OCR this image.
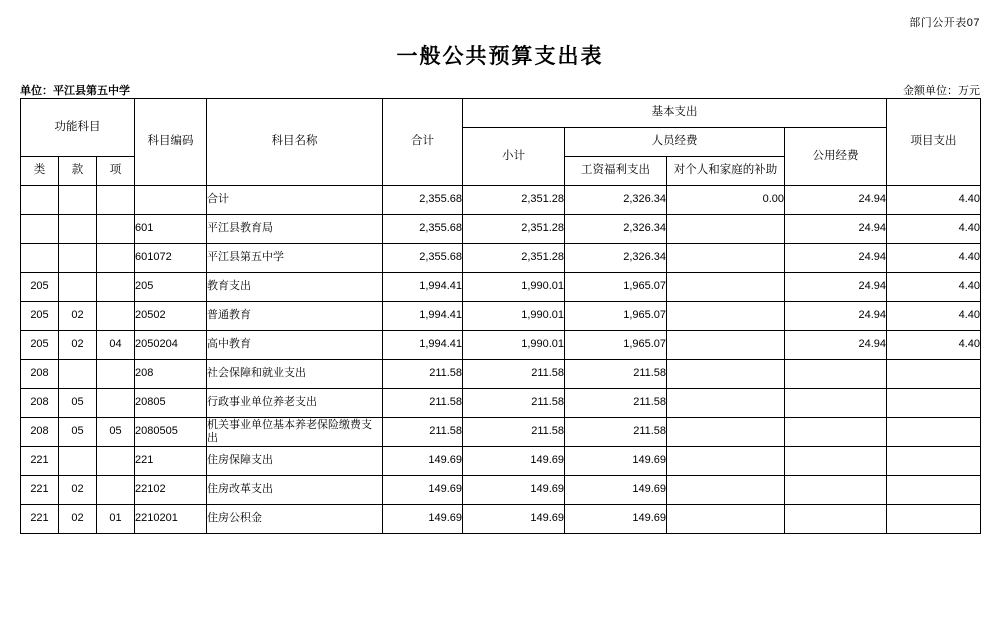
部门公开表07
一般公共预算支出表
单位：平江县第五中学	金额单位：万元
功能科目			科目编码	科目名称	合计	基本支出				项目支出
						小计	人员经费		公用经费	
类	款	项					工资福利支出	对个人和家庭的补助		
				合计	2,355.68	2,351.28	2,326.34	0.00	24.94	4.40
			601	平江县教育局	2,355.68	2,351.28	2,326.34		24.94	4.40
			601072	平江县第五中学	2,355.68	2,351.28	2,326.34		24.94	4.40
205			205	教育支出	1,994.41	1,990.01	1,965.07		24.94	4.40
205	02		20502	普通教育	1,994.41	1,990.01	1,965.07		24.94	4.40
205	02	04	2050204	高中教育	1,994.41	1,990.01	1,965.07		24.94	4.40
208			208	社会保障和就业支出	211.58	211.58	211.58			
208	05		20805	行政事业单位养老支出	211.58	211.58	211.58			
208	05	05	2080505	机关事业单位基本养老保险缴费支出	211.58	211.58	211.58			
221			221	住房保障支出	149.69	149.69	149.69			
221	02		22102	住房改革支出	149.69	149.69	149.69			
221	02	01	2210201	住房公积金	149.69	149.69	149.69			
